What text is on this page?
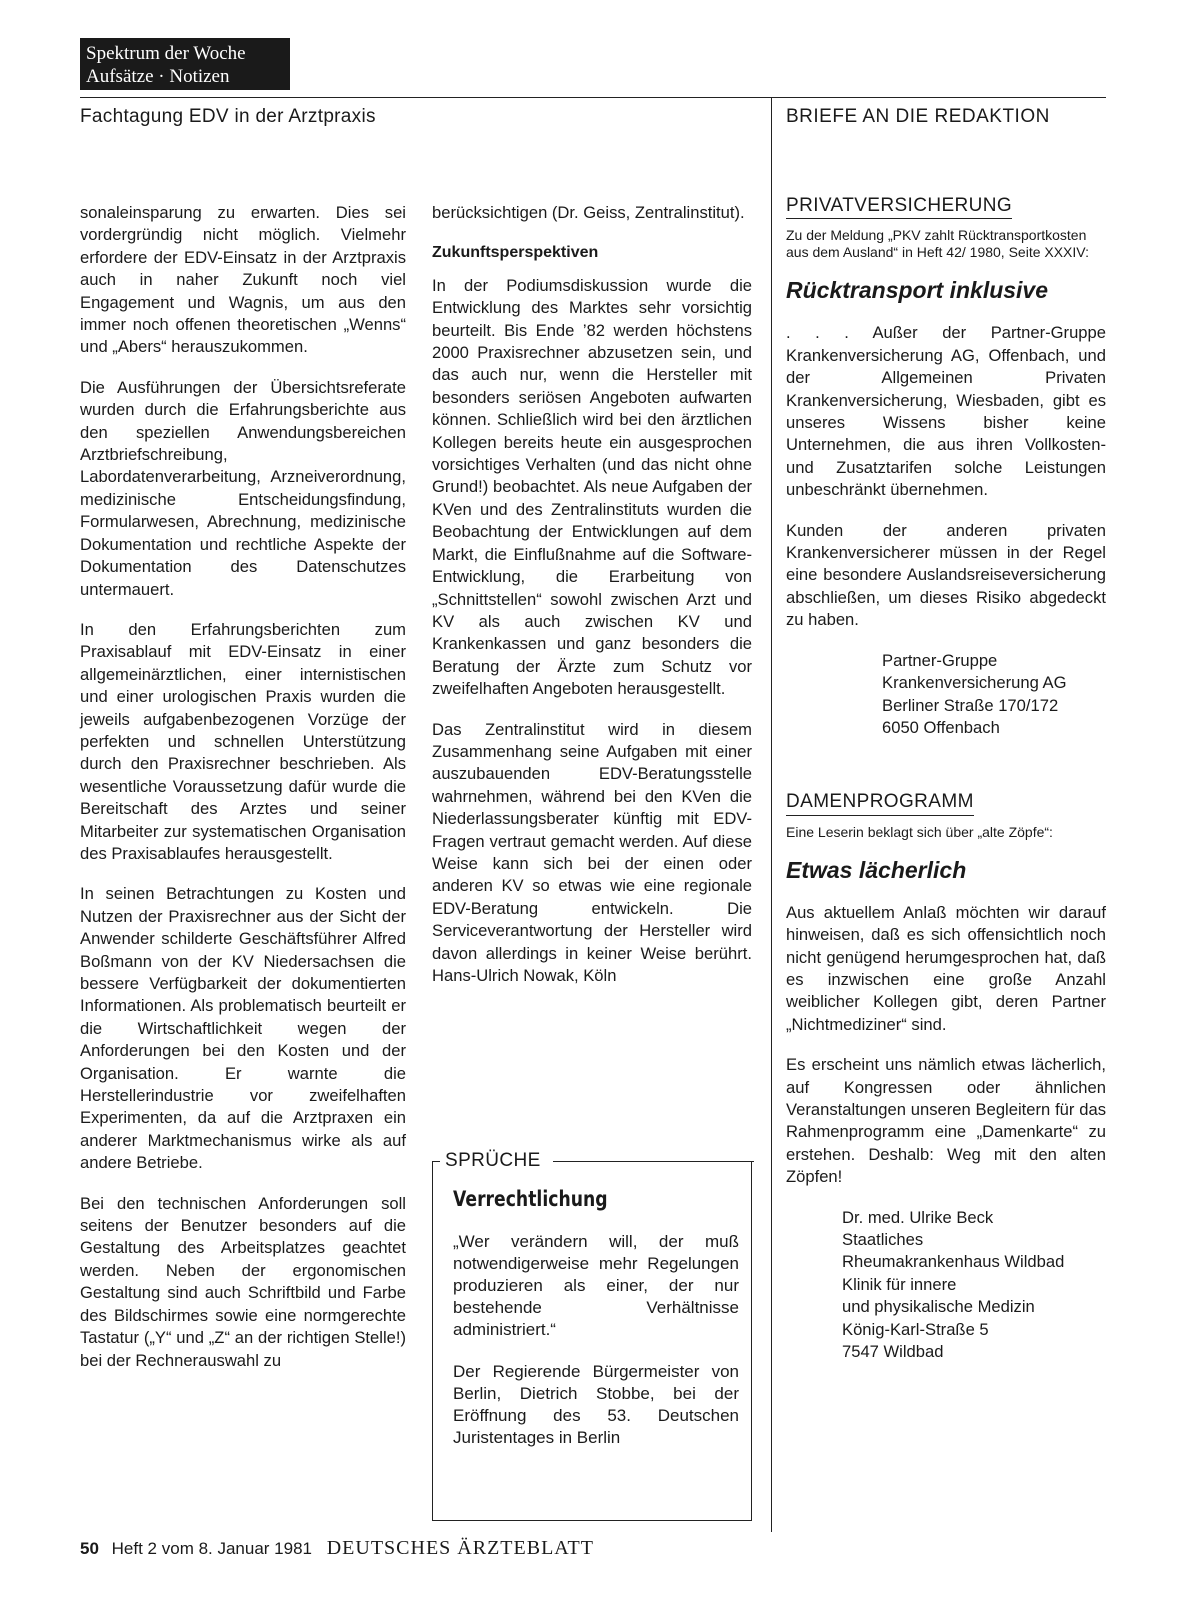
Spektrum der Woche
Aufsätze · Notizen
Fachtagung EDV in der Arztpraxis	BRIEFE AN DIE REDAKTION

sonaleinsparung zu erwarten. Dies sei vordergründig nicht möglich. Vielmehr erfordere der EDV-Einsatz in der Arztpraxis auch in naher Zukunft noch viel Engagement und Wagnis, um aus den immer noch offenen theoretischen „Wenns“ und „Abers“ herauszukommen.

Die Ausführungen der Übersichtsreferate wurden durch die Erfahrungsberichte aus den speziellen Anwendungsbereichen Arztbriefschreibung, Labordatenverarbeitung, Arzneiverordnung, medizinische Entscheidungsfindung, Formularwesen, Abrechnung, medizinische Dokumentation und rechtliche Aspekte der Dokumentation des Datenschutzes untermauert.

In den Erfahrungsberichten zum Praxisablauf mit EDV-Einsatz in einer allgemeinärztlichen, einer internistischen und einer urologischen Praxis wurden die jeweils aufgabenbezogenen Vorzüge der perfekten und schnellen Unterstützung durch den Praxisrechner beschrieben. Als wesentliche Voraussetzung dafür wurde die Bereitschaft des Arztes und seiner Mitarbeiter zur systematischen Organisation des Praxisablaufes herausgestellt.

In seinen Betrachtungen zu Kosten und Nutzen der Praxisrechner aus der Sicht der Anwender schilderte Geschäftsführer Alfred Boßmann von der KV Niedersachsen die bessere Verfügbarkeit der dokumentierten Informationen. Als problematisch beurteilt er die Wirtschaftlichkeit wegen der Anforderungen bei den Kosten und der Organisation. Er warnte die Herstellerindustrie vor zweifelhaften Experimenten, da auf die Arztpraxen ein anderer Marktmechanismus wirke als auf andere Betriebe.

Bei den technischen Anforderungen soll seitens der Benutzer besonders auf die Gestaltung des Arbeitsplatzes geachtet werden. Neben der ergonomischen Gestaltung sind auch Schriftbild und Farbe des Bildschirmes sowie eine normgerechte Tastatur („Y“ und „Z“ an der richtigen Stelle!) bei der Rechnerauswahl zu

berücksichtigen (Dr. Geiss, Zentralinstitut).

Zukunftsperspektiven

In der Podiumsdiskussion wurde die Entwicklung des Marktes sehr vorsichtig beurteilt. Bis Ende ’82 werden höchstens 2000 Praxisrechner abzusetzen sein, und das auch nur, wenn die Hersteller mit besonders seriösen Angeboten aufwarten können. Schließlich wird bei den ärztlichen Kollegen bereits heute ein ausgesprochen vorsichtiges Verhalten (und das nicht ohne Grund!) beobachtet. Als neue Aufgaben der KVen und des Zentralinstituts wurden die Beobachtung der Entwicklungen auf dem Markt, die Einflußnahme auf die Software-Entwicklung, die Erarbeitung von „Schnittstellen“ sowohl zwischen Arzt und KV als auch zwischen KV und Krankenkassen und ganz besonders die Beratung der Ärzte zum Schutz vor zweifelhaften Angeboten herausgestellt.

Das Zentralinstitut wird in diesem Zusammenhang seine Aufgaben mit einer auszubauenden EDV-Beratungsstelle wahrnehmen, während bei den KVen die Niederlassungsberater künftig mit EDV-Fragen vertraut gemacht werden. Auf diese Weise kann sich bei der einen oder anderen KV so etwas wie eine regionale EDV-Beratung entwickeln. Die Serviceverantwortung der Hersteller wird davon allerdings in keiner Weise berührt. Hans-Ulrich Nowak, Köln

SPRÜCHE
Verrechtlichung

„Wer verändern will, der muß notwendigerweise mehr Regelungen produzieren als einer, der nur bestehende Verhältnisse administriert.“

Der Regierende Bürgermeister von Berlin, Dietrich Stobbe, bei der Eröffnung des 53. Deutschen Juristentages in Berlin

PRIVATVERSICHERUNG
Zu der Meldung „PKV zahlt Rücktransportkosten aus dem Ausland“ in Heft 42/ 1980, Seite XXXIV:
Rücktransport inklusive

. . . Außer der Partner-Gruppe Krankenversicherung AG, Offenbach, und der Allgemeinen Privaten Krankenversicherung, Wiesbaden, gibt es unseres Wissens bisher keine Unternehmen, die aus ihren Vollkosten- und Zusatztarifen solche Leistungen unbeschränkt übernehmen.

Kunden der anderen privaten Krankenversicherer müssen in der Regel eine besondere Auslandsreiseversicherung abschließen, um dieses Risiko abgedeckt zu haben.

Partner-Gruppe
Krankenversicherung AG
Berliner Straße 170/172
6050 Offenbach

DAMENPROGRAMM
Eine Leserin beklagt sich über „alte Zöpfe“:
Etwas lächerlich

Aus aktuellem Anlaß möchten wir darauf hinweisen, daß es sich offensichtlich noch nicht genügend herumgesprochen hat, daß es inzwischen eine große Anzahl weiblicher Kollegen gibt, deren Partner „Nichtmediziner“ sind.

Es erscheint uns nämlich etwas lächerlich, auf Kongressen oder ähnlichen Veranstaltungen unseren Begleitern für das Rahmenprogramm eine „Damenkarte“ zu erstehen. Deshalb: Weg mit den alten Zöpfen!

Dr. med. Ulrike Beck
Staatliches
Rheumakrankenhaus Wildbad
Klinik für innere
und physikalische Medizin
König-Karl-Straße 5
7547 Wildbad

50 Heft 2 vom 8. Januar 1981 DEUTSCHES ÄRZTEBLATT
